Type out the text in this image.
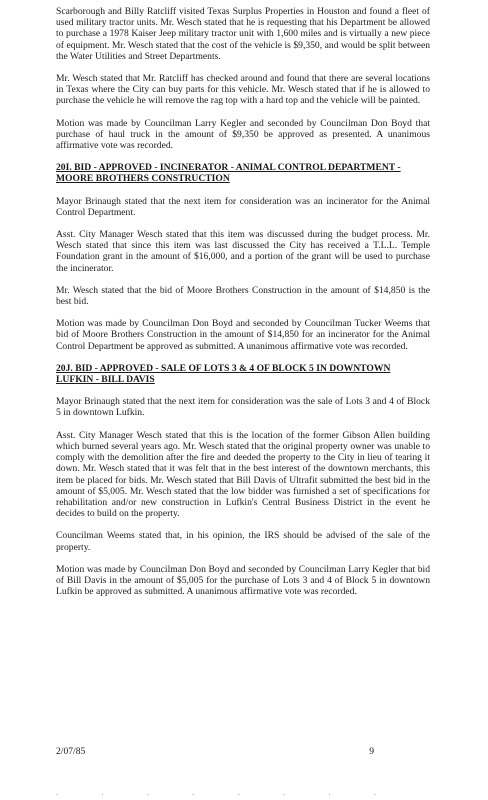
Scarborough and Billy Ratcliff visited Texas Surplus Properties in Houston and found a fleet of used military tractor units. Mr. Wesch stated that he is requesting that his Department be allowed to purchase a 1978 Kaiser Jeep military tractor unit with 1,600 miles and is virtually a new piece of equipment. Mr. Wesch stated that the cost of the vehicle is $9,350, and would be split between the Water Utilities and Street Departments.

Mr. Wesch stated that Mr. Ratcliff has checked around and found that there are several locations in Texas where the City can buy parts for this vehicle. Mr. Wesch stated that if he is allowed to purchase the vehicle he will remove the rag top with a hard top and the vehicle will be painted.

Motion was made by Councilman Larry Kegler and seconded by Councilman Don Boyd that purchase of haul truck in the amount of $9,350 be approved as presented. A unanimous affirmative vote was recorded.

20I. BID - APPROVED - INCINERATOR - ANIMAL CONTROL DEPARTMENT - MOORE BROTHERS CONSTRUCTION

Mayor Brinaugh stated that the next item for consideration was an incinerator for the Animal Control Department.

Asst. City Manager Wesch stated that this item was discussed during the budget process. Mr. Wesch stated that since this item was last discussed the City has received a T.L.L. Temple Foundation grant in the amount of $16,000, and a portion of the grant will be used to purchase the incinerator.

Mr. Wesch stated that the bid of Moore Brothers Construction in the amount of $14,850 is the best bid.

Motion was made by Councilman Don Boyd and seconded by Councilman Tucker Weems that bid of Moore Brothers Construction in the amount of $14,850 for an incinerator for the Animal Control Department be approved as submitted. A unanimous affirmative vote was recorded.

20J. BID - APPROVED - SALE OF LOTS 3 & 4 OF BLOCK 5 IN DOWNTOWN LUFKIN - BILL DAVIS

Mayor Brinaugh stated that the next item for consideration was the sale of Lots 3 and 4 of Block 5 in downtown Lufkin.

Asst. City Manager Wesch stated that this is the location of the former Gibson Allen building which burned several years ago. Mr. Wesch stated that the original property owner was unable to comply with the demolition after the fire and deeded the property to the City in lieu of tearing it down. Mr. Wesch stated that it was felt that in the best interest of the downtown merchants, this item be placed for bids. Mr. Wesch stated that Bill Davis of Ultrafit submitted the best bid in the amount of $5,005. Mr. Wesch stated that the low bidder was furnished a set of specifications for rehabilitation and/or new construction in Lufkin's Central Business District in the event he decides to build on the property.

Councilman Weems stated that, in his opinion, the IRS should be advised of the sale of the property.

Motion was made by Councilman Don Boyd and seconded by Councilman Larry Kegler that bid of Bill Davis in the amount of $5,005 for the purchase of Lots 3 and 4 of Block 5 in downtown Lufkin be approved as submitted. A unanimous affirmative vote was recorded.

2/07/85	9
.	.	.	.	.	.	.	.
